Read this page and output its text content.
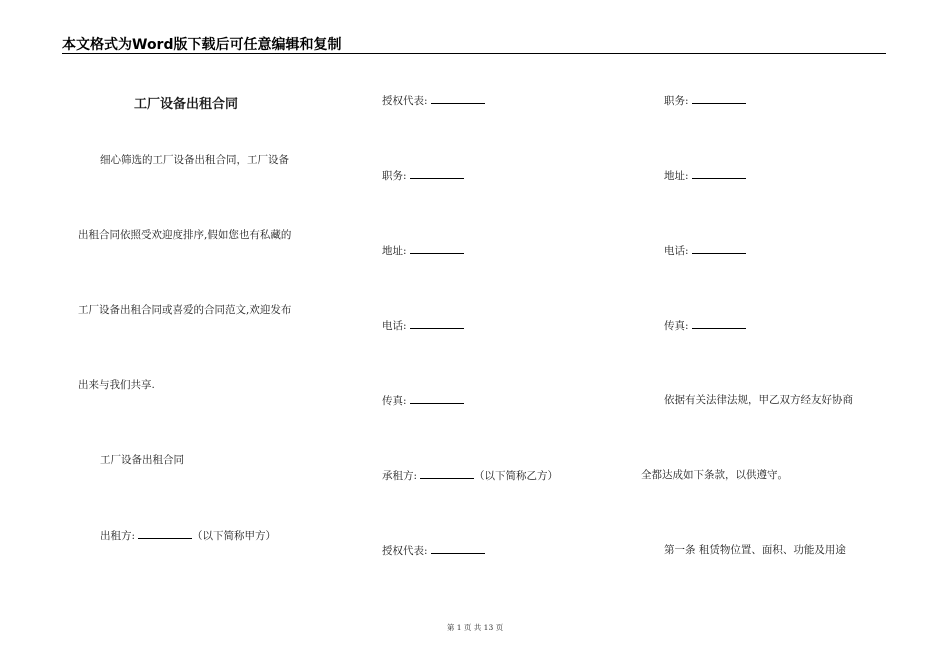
本文格式为Word版下载后可任意编辑和复制
工厂设备出租合同
细心筛选的工厂设备出租合同，工厂设备
出租合同依照受欢迎度排序,假如您也有私藏的
工厂设备出租合同或喜爱的合同范文,欢迎发布
出来与我们共享.
工厂设备出租合同
出租方:	（以下简称甲方）
授权代表:
职务:
地址:
电话:
传真:
承租方:	（以下简称乙方）
授权代表:
职务:
地址:
电话:
传真:
依据有关法律法规，甲乙双方经友好协商
全都达成如下条款，以供遵守。
第一条 租赁物位置、面积、功能及用途
第 1 页 共 13 页
